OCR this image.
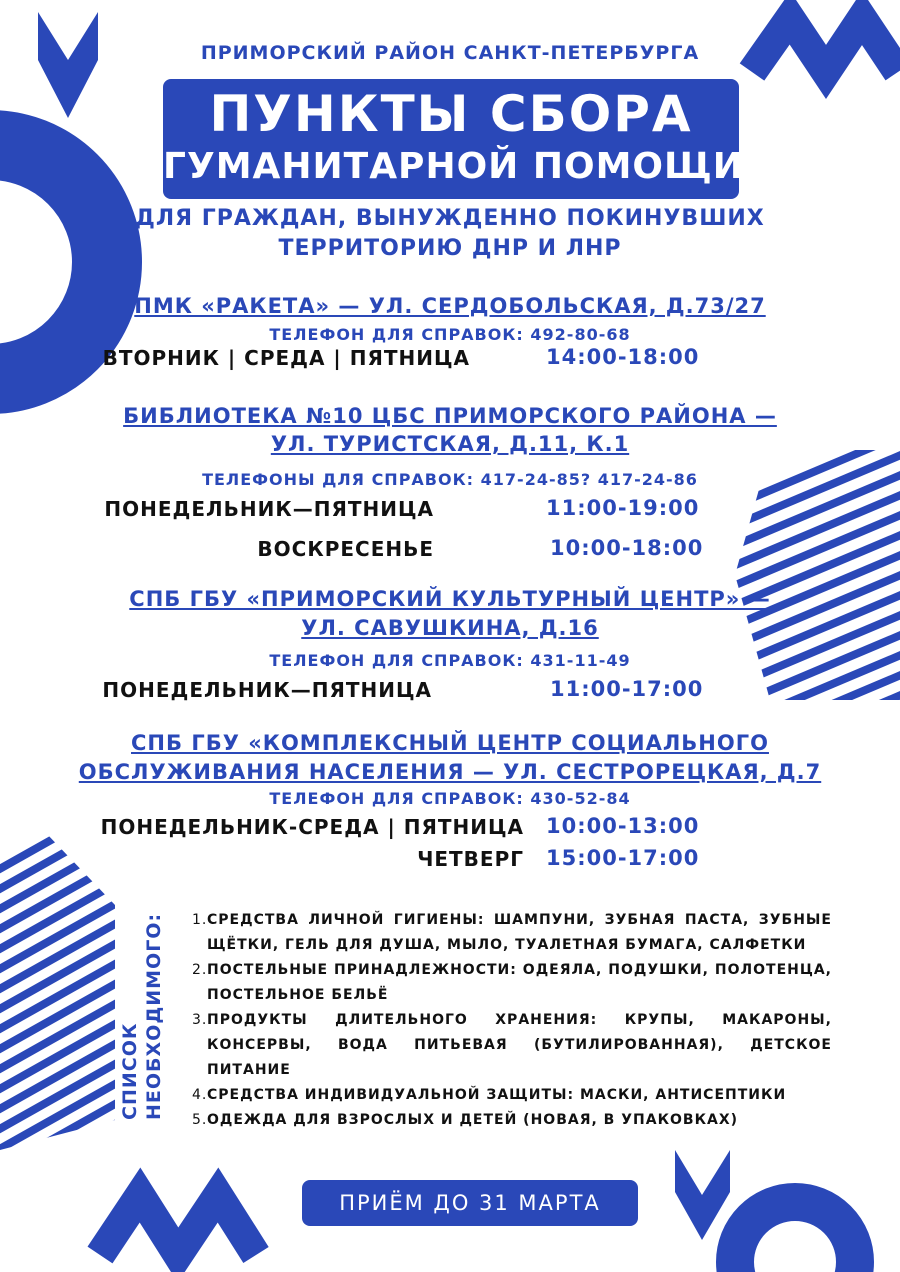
ПРИМОРСКИЙ РАЙОН САНКТ-ПЕТЕРБУРГА
ПУНКТЫ СБОРА
ГУМАНИТАРНОЙ ПОМОЩИ
ДЛЯ ГРАЖДАН, ВЫНУЖДЕННО ПОКИНУВШИХ
ТЕРРИТОРИЮ ДНР И ЛНР
ПМК «РАКЕТА» — УЛ. СЕРДОБОЛЬСКАЯ, Д.73/27
ТЕЛЕФОН ДЛЯ СПРАВОК: 492-80-68
ВТОРНИК | СРЕДА | ПЯТНИЦА	14:00-18:00
БИБЛИОТЕКА №10 ЦБС ПРИМОРСКОГО РАЙОНА —
УЛ. ТУРИСТСКАЯ, Д.11, К.1
ТЕЛЕФОНЫ ДЛЯ СПРАВОК: 417-24-85? 417-24-86
ПОНЕДЕЛЬНИК—ПЯТНИЦА	11:00-19:00
ВОСКРЕСЕНЬЕ	10:00-18:00
СПБ ГБУ «ПРИМОРСКИЙ КУЛЬТУРНЫЙ ЦЕНТР» —
УЛ. САВУШКИНА, Д.16
ТЕЛЕФОН ДЛЯ СПРАВОК: 431-11-49
ПОНЕДЕЛЬНИК—ПЯТНИЦА	11:00-17:00
СПБ ГБУ «КОМПЛЕКСНЫЙ ЦЕНТР СОЦИАЛЬНОГО
ОБСЛУЖИВАНИЯ НАСЕЛЕНИЯ — УЛ. СЕСТРОРЕЦКАЯ, Д.7
ТЕЛЕФОН ДЛЯ СПРАВОК: 430-52-84
ПОНЕДЕЛЬНИК-СРЕДА | ПЯТНИЦА 10:00-13:00
ЧЕТВЕРГ 15:00-17:00
СПИСОК НЕОБХОДИМОГО: 1. СРЕДСТВА ЛИЧНОЙ ГИГИЕНЫ: ШАМПУНИ, ЗУБНАЯ ПАСТА, ЗУБНЫЕ ЩЁТКИ, ГЕЛЬ ДЛЯ ДУША, МЫЛО, ТУАЛЕТНАЯ БУМАГА, САЛФЕТКИ
2. ПОСТЕЛЬНЫЕ ПРИНАДЛЕЖНОСТИ: ОДЕЯЛА, ПОДУШКИ, ПОЛОТЕНЦА, ПОСТЕЛЬНОЕ БЕЛЬЁ
3. ПРОДУКТЫ ДЛИТЕЛЬНОГО ХРАНЕНИЯ: КРУПЫ, МАКАРОНЫ, КОНСЕРВЫ, ВОДА ПИТЬЕВАЯ (БУТИЛИРОВАННАЯ), ДЕТСКОЕ ПИТАНИЕ
4. СРЕДСТВА ИНДИВИДУАЛЬНОЙ ЗАЩИТЫ: МАСКИ, АНТИСЕПТИКИ
5. ОДЕЖДА ДЛЯ ВЗРОСЛЫХ И ДЕТЕЙ (НОВАЯ, В УПАКОВКАХ)
ПРИЁМ ДО 31 МАРТА
